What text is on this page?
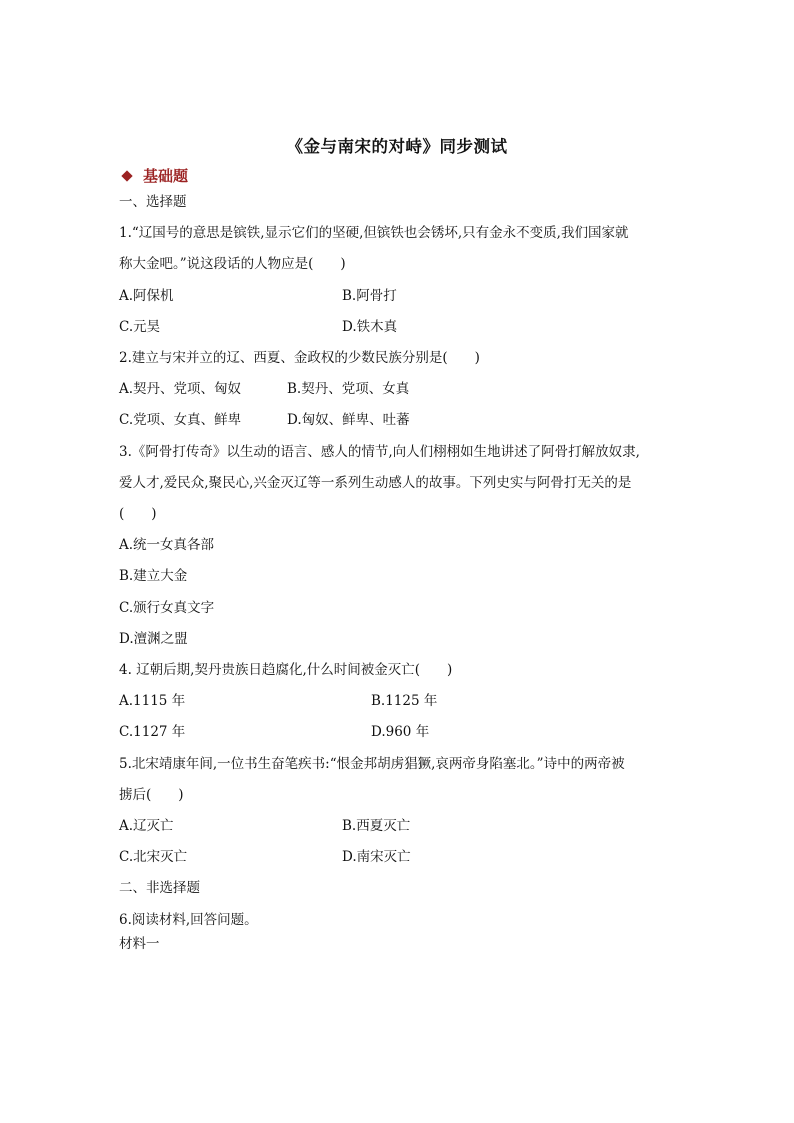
《金与南宋的对峙》同步测试
基础题
一、选择题
1.“辽国号的意思是镔铁,显示它们的坚硬,但镔铁也会锈坏,只有金永不变质,我们国家就
称大金吧。”说这段话的人物应是(　　)
A.阿保机	B.阿骨打
C.元昊	D.铁木真
2.建立与宋并立的辽、西夏、金政权的少数民族分别是(　　)
A.契丹、党项、匈奴	B.契丹、党项、女真
C.党项、女真、鲜卑	D.匈奴、鲜卑、吐蕃
3.《阿骨打传奇》以生动的语言、感人的情节,向人们栩栩如生地讲述了阿骨打解放奴隶,
爱人才,爱民众,聚民心,兴金灭辽等一系列生动感人的故事。下列史实与阿骨打无关的是
(　　)
A.统一女真各部
B.建立大金
C.颁行女真文字
D.澶渊之盟
4. 辽朝后期,契丹贵族日趋腐化,什么时间被金灭亡(　　)
A.1115 年	B.1125 年
C.1127 年	D.960 年
5.北宋靖康年间,一位书生奋笔疾书:“恨金邦胡虏猖獗,哀两帝身陷塞北。”诗中的两帝被
掳后(　　)
A.辽灭亡	B.西夏灭亡
C.北宋灭亡	D.南宋灭亡
二、非选择题
6.阅读材料,回答问题。
材料一
